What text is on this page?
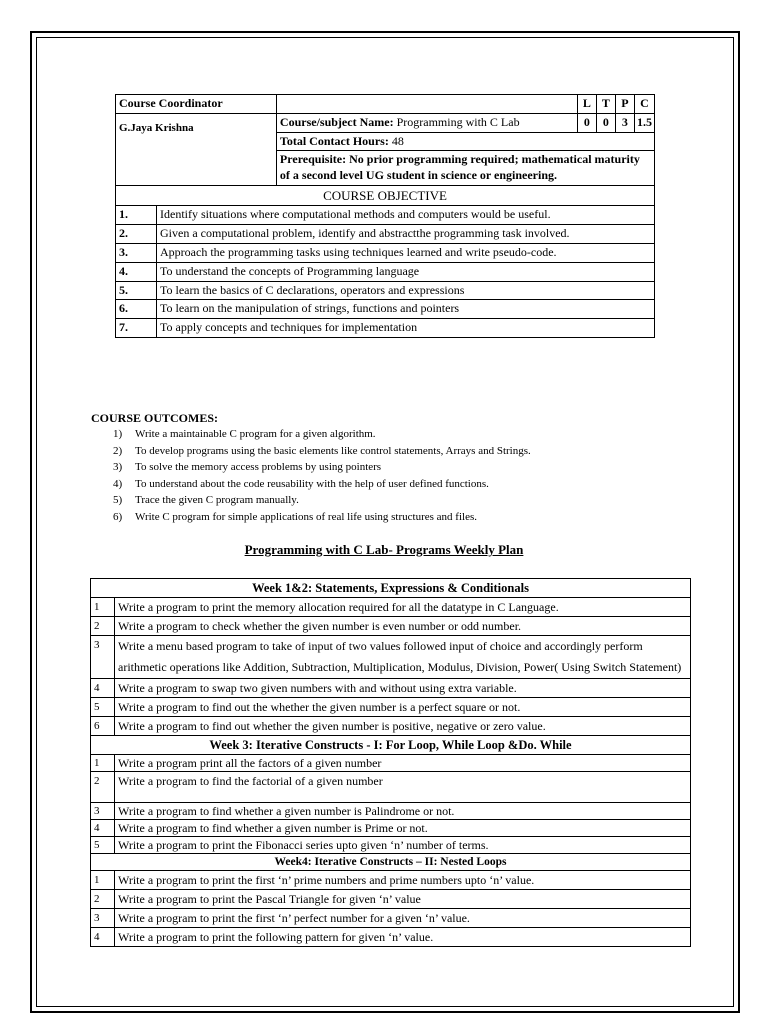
Course Coordinator			L	T	P	C
G.Jaya Krishna		Course/subject Name: Programming with C Lab	0	0	3	1.5
		Total Contact Hours: 48				
		Prerequisite: No prior programming required; mathematical maturity of a second level UG student in science or engineering.				
COURSE OBJECTIVE						
1.	Identify situations where computational methods and computers would be useful.					
2.	Given a computational problem, identify and abstractthe programming task involved.					
3.	Approach the programming tasks using techniques learned and write pseudo-code.					
4.	To understand the concepts of Programming language					
5.	To learn the basics of C declarations, operators and expressions					
6.	To learn on the manipulation of strings, functions and pointers					
7.	To apply concepts and techniques for implementation					
COURSE OUTCOMES:
1) Write a maintainable C program for a given algorithm.
2) To develop programs using the basic elements like control statements, Arrays and Strings.
3) To solve the memory access problems by using pointers
4) To understand about the code reusability with the help of user defined functions.
5) Trace the given C program manually.
6) Write C program for simple applications of real life using structures and files.
Programming with C Lab- Programs Weekly Plan
Week 1&2: Statements, Expressions & Conditionals	
1	Write a program to print the memory allocation required for all the datatype in C Language.
2	Write a program to check whether the given number is even number or odd number.
3	Write a menu based program to take of input of two values followed input of choice and accordingly perform arithmetic operations like Addition, Subtraction, Multiplication, Modulus, Division, Power( Using Switch Statement)
4	Write a program to swap two given numbers with and without using extra variable.
5	Write a program to find out the whether the given number is a perfect square or not.
6	Write a program to find out whether the given number is positive, negative or zero value.
Week 3: Iterative Constructs - I: For Loop, While Loop &Do. While	
1	Write a program print all the factors of a given number
2	Write a program to find the factorial of a given number
3	Write a program to find whether a given number is Palindrome or not.
4	Write a program to find whether a given number is Prime or not.
5	Write a program to print the Fibonacci series upto given ‘n’ number of terms.
Week4: Iterative Constructs – II: Nested Loops	
1	Write a program to print the first ‘n’ prime numbers and prime numbers upto ‘n’ value.
2	Write a program to print the Pascal Triangle for given ‘n’ value
3	Write a program to print the first ‘n’ perfect number for a given ‘n’ value.
4	Write a program to print the following pattern for given ‘n’ value.
